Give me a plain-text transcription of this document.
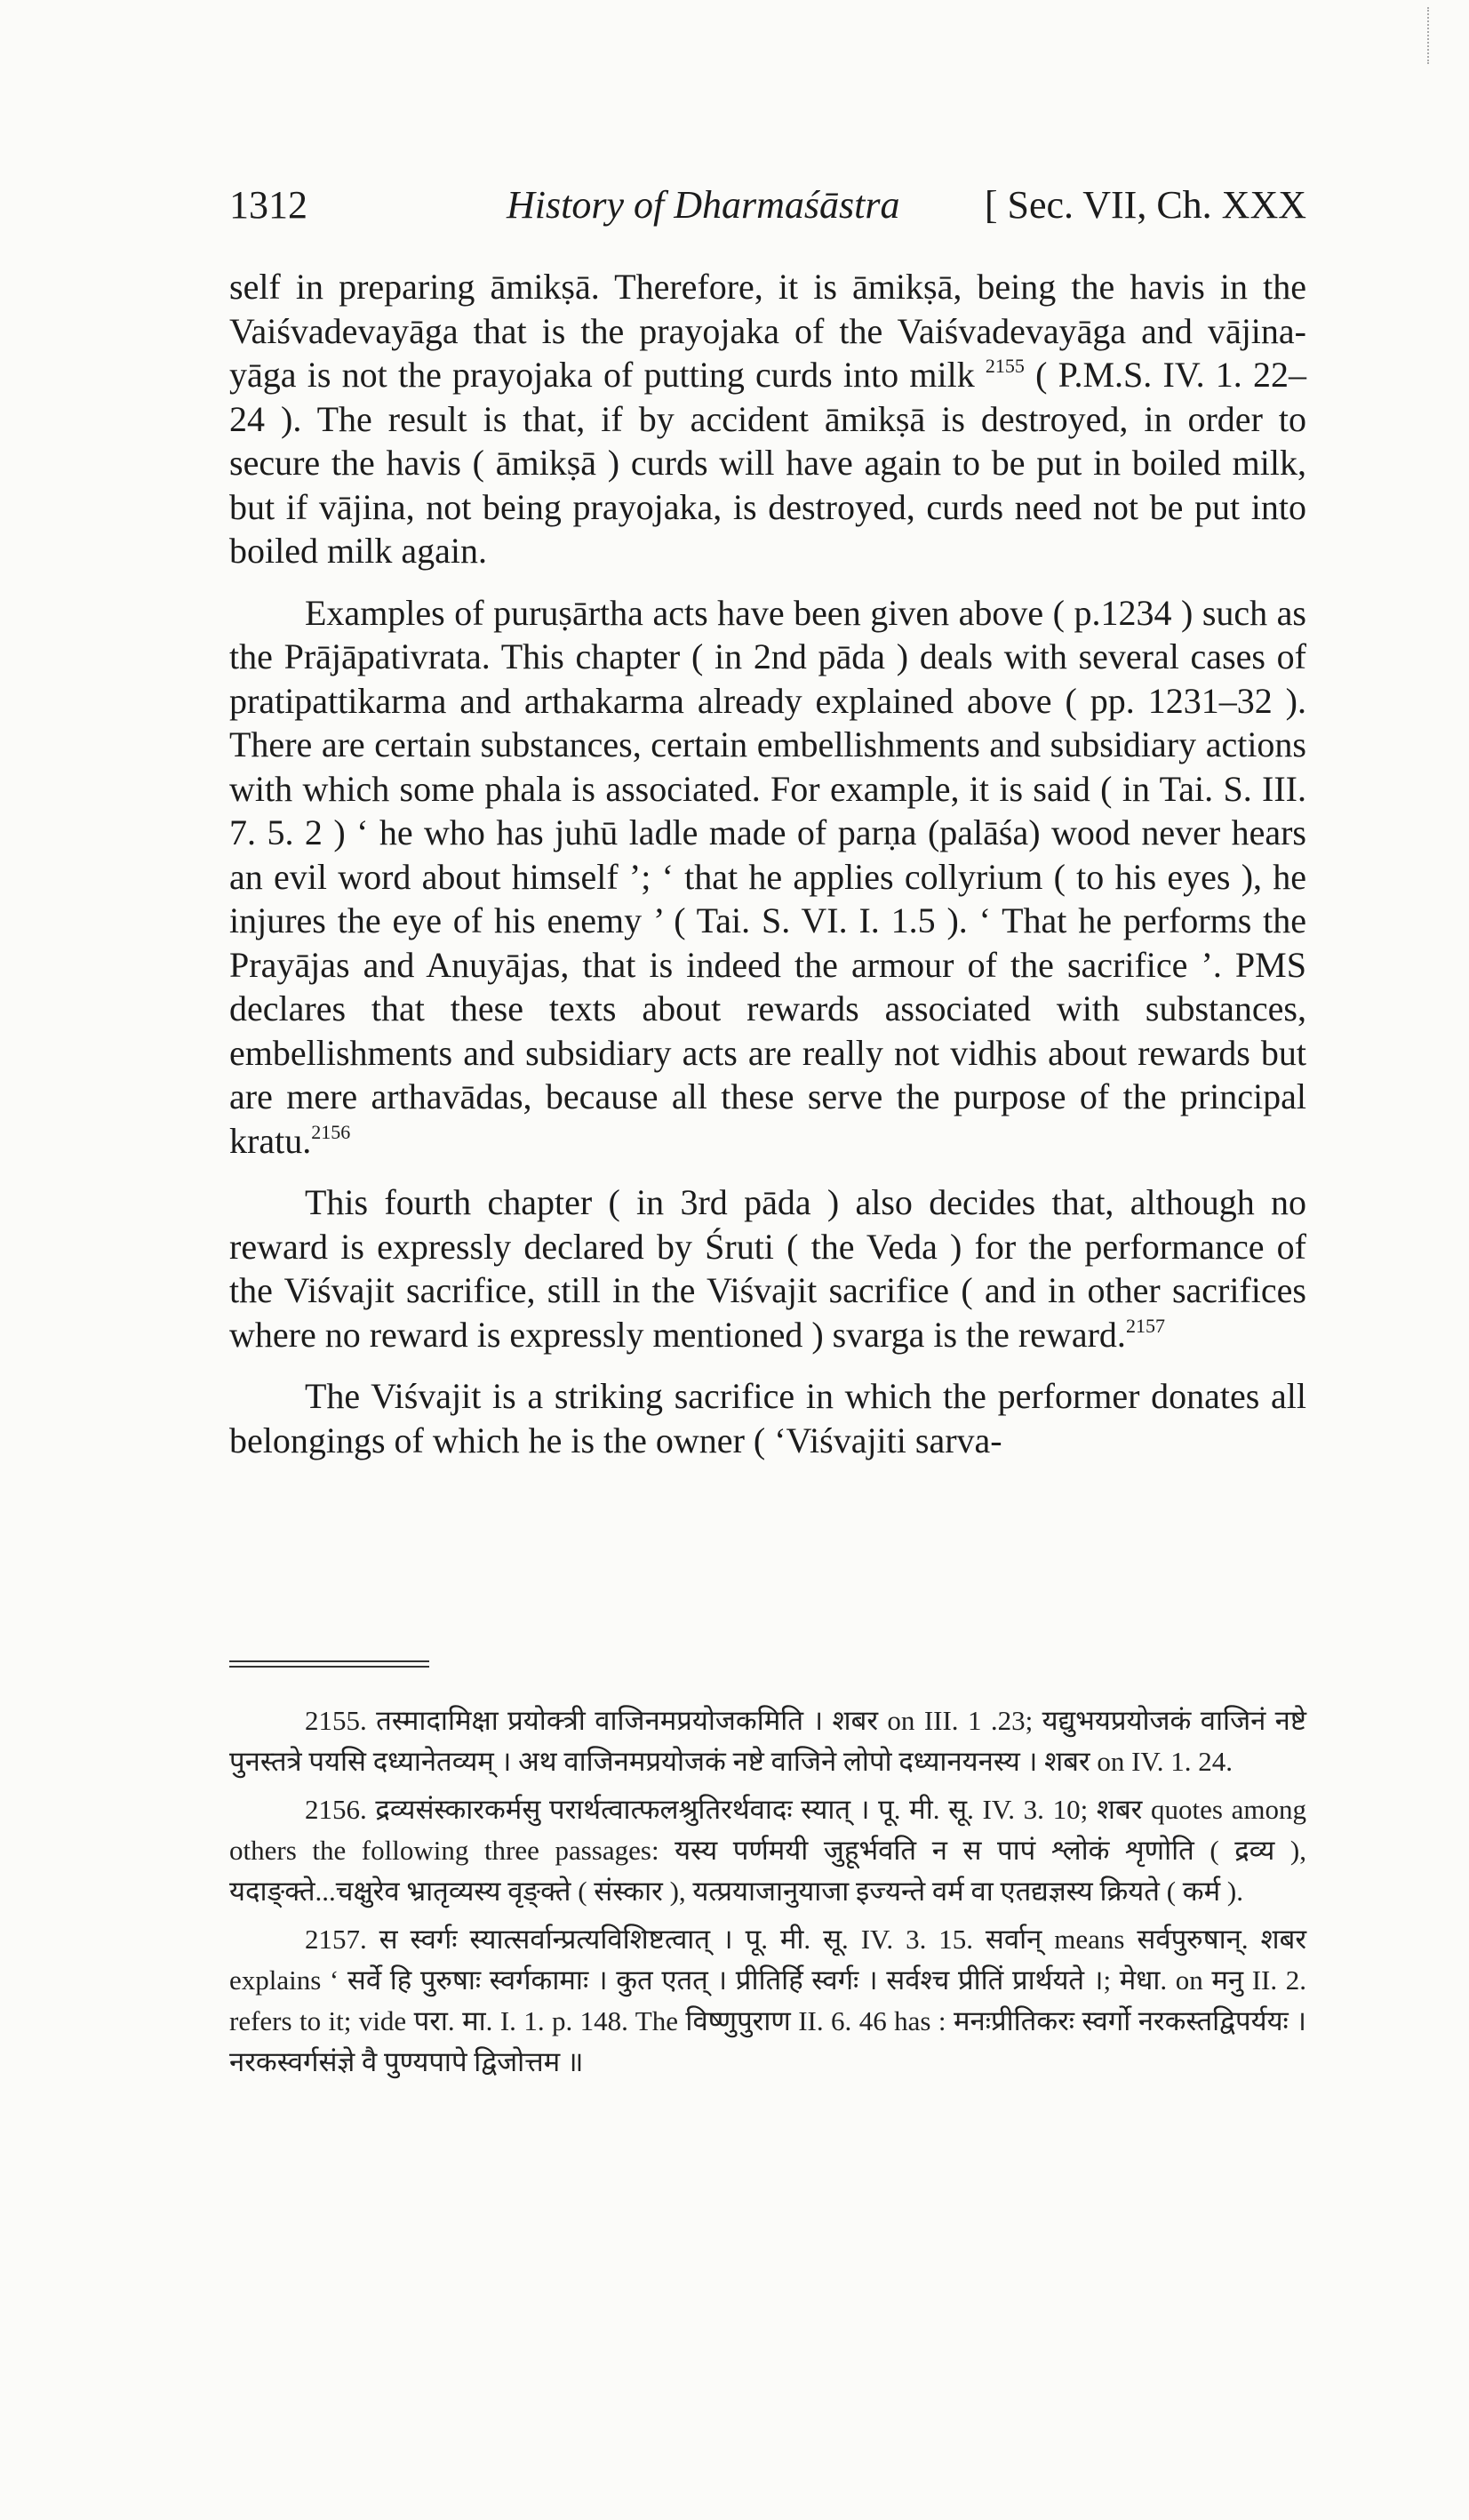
1312	History of Dharmaśāstra [ Sec. VII, Ch. XXX

self in preparing āmikṣā. Therefore, it is āmikṣā, being the havis in the Vaiśvadevayāga that is the prayojaka of the Vaiśvadevayāga and vājina-yāga is not the prayojaka of putting curds into milk $^{2155}$ ( P.M.S. IV. 1. 22–24 ). The result is that, if by accident āmikṣā is destroyed, in order to secure the havis ( āmikṣā ) curds will have again to be put in boiled milk, but if vājina, not being prayojaka, is destroyed, curds need not be put into boiled milk again.

Examples of puruṣārtha acts have been given above ( p.1234 ) such as the Prājāpativrata. This chapter ( in 2nd pāda ) deals with several cases of pratipattikarma and arthakarma already explained above ( pp. 1231–32 ). There are certain substances, certain embellishments and subsidiary actions with which some phala is associated. For example, it is said ( in Tai. S. III. 7. 5. 2 ) ‘ he who has juhū ladle made of parṇa (palāśa) wood never hears an evil word about himself ’; ‘ that he applies collyrium ( to his eyes ), he injures the eye of his enemy ’ ( Tai. S. VI. I. 1.5 ). ‘ That he performs the Prayājas and Anuyājas, that is indeed the armour of the sacrifice ’. PMS declares that these texts about rewards associated with substances, embellishments and subsidiary acts are really not vidhis about rewards but are mere arthavādas, because all these serve the purpose of the principal kratu.$^{2156}$

This fourth chapter ( in 3rd pāda ) also decides that, although no reward is expressly declared by Śruti ( the Veda ) for the performance of the Viśvajit sacrifice, still in the Viśvajit sacrifice ( and in other sacrifices where no reward is expressly mentioned ) svarga is the reward.$^{2157}$

The Viśvajit is a striking sacrifice in which the performer donates all belongings of which he is the owner ( ‘Viśvajiti sarva-

2155. तस्मादामिक्षा प्रयोक्त्री वाजिनमप्रयोजकमिति । शबर on III. 1 .23; यद्युभयप्रयोजकं वाजिनं नष्टे पुनस्तत्रे पयसि दध्यानेतव्यम् । अथ वाजिनमप्रयोजकं नष्टे वाजिने लोपो दध्यानयनस्य । शबर on IV. 1. 24.

2156. द्रव्यसंस्कारकर्मसु परार्थत्वात्फलश्रुतिरर्थवादः स्यात् । पू. मी. सू. IV. 3. 10; शबर quotes among others the following three passages: यस्य पर्णमयी जुहूर्भवति न स पापं श्लोकं शृणोति ( द्रव्य ), यदाङ्क्ते...चक्षुरेव भ्रातृव्यस्य वृङ्क्ते ( संस्कार ), यत्प्रयाजानुयाजा इज्यन्ते वर्म वा एतद्यज्ञस्य क्रियते ( कर्म ).

2157. स स्वर्गः स्यात्सर्वान्प्रत्यविशिष्टत्वात् । पू. मी. सू. IV. 3. 15. सर्वान् means सर्वपुरुषान्. शबर explains ‘ सर्वे हि पुरुषाः स्वर्गकामाः । कुत एतत् । प्रीतिर्हि स्वर्गः । सर्वश्च प्रीतिं प्रार्थयते ।; मेधा. on मनु II. 2. refers to it; vide परा. मा. I. 1. p. 148. The विष्णुपुराण II. 6. 46 has : मनःप्रीतिकरः स्वर्गो नरकस्तद्विपर्ययः । नरकस्वर्गसंज्ञे वै पुण्यपापे द्विजोत्तम ॥
